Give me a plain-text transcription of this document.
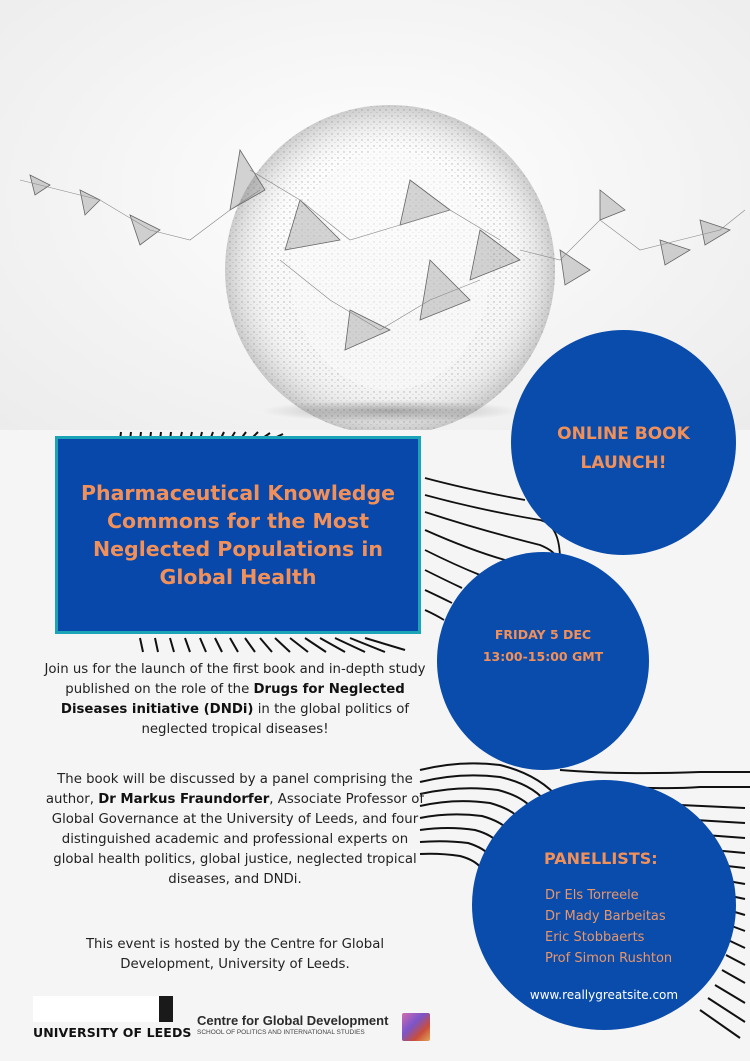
Pharmaceutical Knowledge Commons for the Most Neglected Populations in Global Health
ONLINE BOOK
LAUNCH!
FRIDAY 5 DEC
13:00-15:00 GMT
PANELLISTS:
Dr Els Torreele
Dr Mady Barbeitas
Eric Stobbaerts
Prof Simon Rushton
www.reallygreatsite.com

Join us for the launch of the first book and in-depth study published on the role of the Drugs for Neglected Diseases initiative (DNDi) in the global politics of neglected tropical diseases!

The book will be discussed by a panel comprising the author, Dr Markus Fraundorfer, Associate Professor of Global Governance at the University of Leeds, and four distinguished academic and professional experts on global health politics, global justice, neglected tropical diseases, and DNDi.

This event is hosted by the Centre for Global Development, University of Leeds.

UNIVERSITY OF LEEDS
Centre for Global Development
SCHOOL OF POLITICS AND INTERNATIONAL STUDIES
